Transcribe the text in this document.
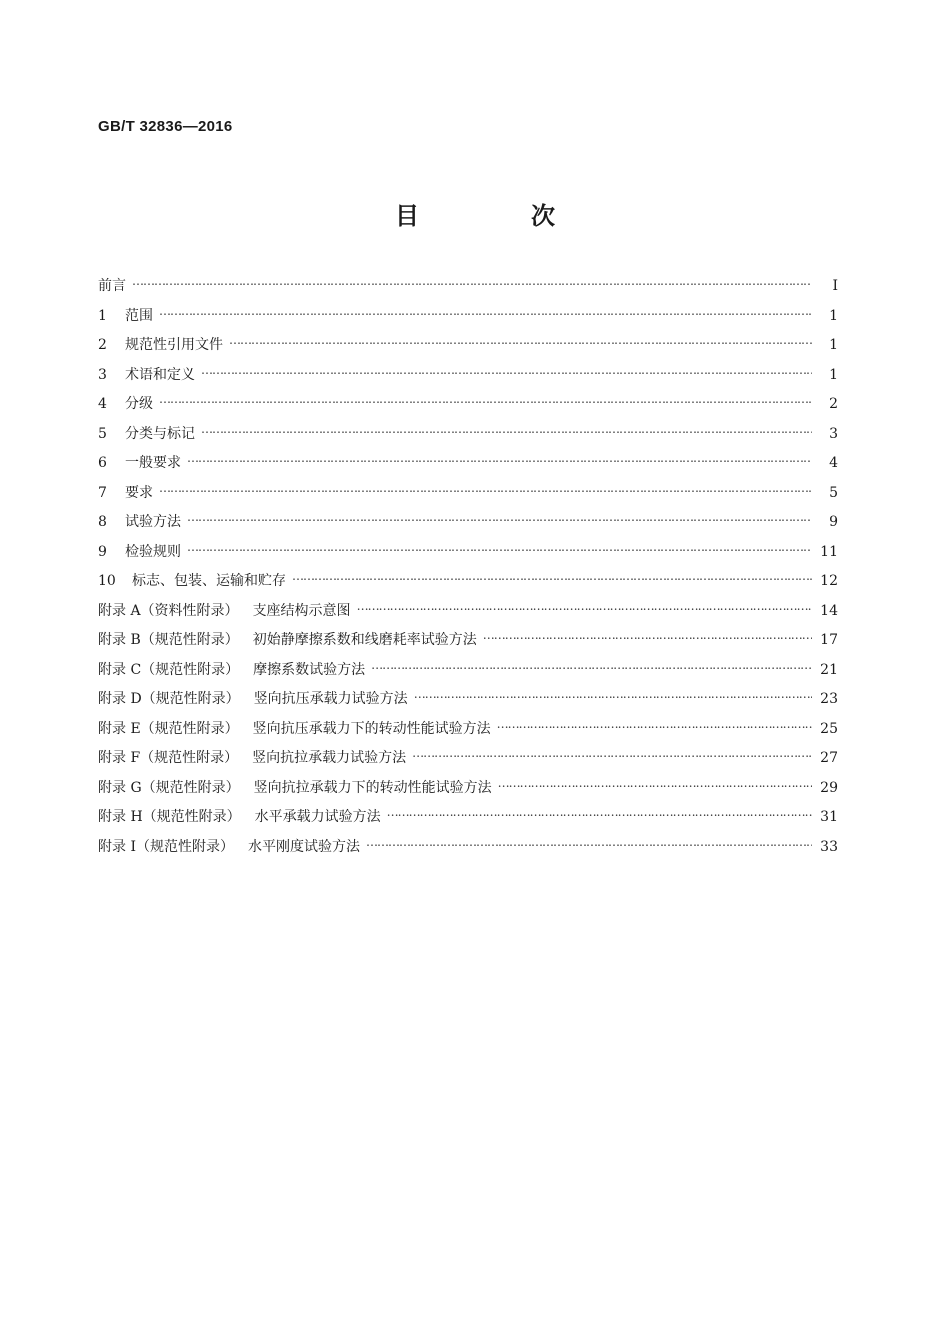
GB/T 32836—2016
目　次
前言 ……………………………………………………………………………………………………………………………………………………………………………………………………	Ⅰ
1 范围 ……………………………………………………………………………………………………………………………………………………………………………………………………	1
2 规范性引用文件 ……………………………………………………………………………………………………………………………………………………………………………………………………	1
3 术语和定义 ……………………………………………………………………………………………………………………………………………………………………………………………………	1
4 分级 ……………………………………………………………………………………………………………………………………………………………………………………………………	2
5 分类与标记 ……………………………………………………………………………………………………………………………………………………………………………………………………	3
6 一般要求 ……………………………………………………………………………………………………………………………………………………………………………………………………	4
7 要求 ……………………………………………………………………………………………………………………………………………………………………………………………………	5
8 试验方法 ……………………………………………………………………………………………………………………………………………………………………………………………………	9
9 检验规则 ……………………………………………………………………………………………………………………………………………………………………………………………………	11
10 标志、包装、运输和贮存 ……………………………………………………………………………………………………………………………………………………………………………………………………	12
附录 A（资料性附录） 支座结构示意图 ……………………………………………………………………………………………………………………………………………………………………………………………………	14
附录 B（规范性附录） 初始静摩擦系数和线磨耗率试验方法 ……………………………………………………………………………………………………………………………………………………………………………………………………	17
附录 C（规范性附录） 摩擦系数试验方法 ……………………………………………………………………………………………………………………………………………………………………………………………………	21
附录 D（规范性附录） 竖向抗压承载力试验方法 ……………………………………………………………………………………………………………………………………………………………………………………………………	23
附录 E（规范性附录） 竖向抗压承载力下的转动性能试验方法 ……………………………………………………………………………………………………………………………………………………………………………………………………	25
附录 F（规范性附录） 竖向抗拉承载力试验方法 ……………………………………………………………………………………………………………………………………………………………………………………………………	27
附录 G（规范性附录） 竖向抗拉承载力下的转动性能试验方法 ……………………………………………………………………………………………………………………………………………………………………………………………………	29
附录 H（规范性附录） 水平承载力试验方法 ……………………………………………………………………………………………………………………………………………………………………………………………………	31
附录 I（规范性附录） 水平刚度试验方法 ……………………………………………………………………………………………………………………………………………………………………………………………………	33
